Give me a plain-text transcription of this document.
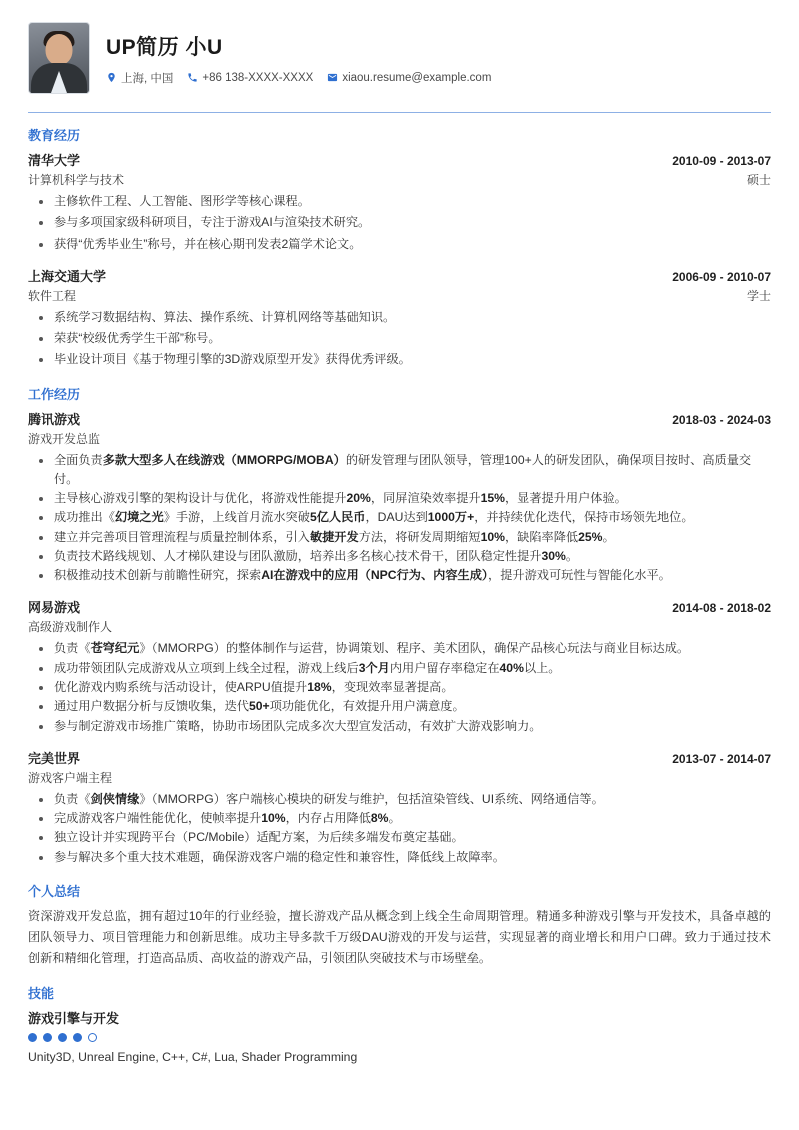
UP简历 小U
上海, 中国	+86 138-XXXX-XXXX	xiaou.resume@example.com
教育经历
清华大学	2010-09 - 2013-07
计算机科学与技术	硕士
主修软件工程、人工智能、图形学等核心课程。
参与多项国家级科研项目，专注于游戏AI与渲染技术研究。
获得“优秀毕业生”称号，并在核心期刊发表2篇学术论文。
上海交通大学	2006-09 - 2010-07
软件工程	学士
系统学习数据结构、算法、操作系统、计算机网络等基础知识。
荣获“校级优秀学生干部”称号。
毕业设计项目《基于物理引擎的3D游戏原型开发》获得优秀评级。
工作经历
腾讯游戏	2018-03 - 2024-03
游戏开发总监
全面负责多款大型多人在线游戏（MMORPG/MOBA）的研发管理与团队领导，管理100+人的研发团队，确保项目按时、高质量交付。
主导核心游戏引擎的架构设计与优化，将游戏性能提升20%，同屏渲染效率提升15%，显著提升用户体验。
成功推出《幻境之光》手游，上线首月流水突破5亿人民币，DAU达到1000万+，并持续优化迭代，保持市场领先地位。
建立并完善项目管理流程与质量控制体系，引入敏捷开发方法，将研发周期缩短10%，缺陷率降低25%。
负责技术路线规划、人才梯队建设与团队激励，培养出多名核心技术骨干，团队稳定性提升30%。
积极推动技术创新与前瞻性研究，探索AI在游戏中的应用（NPC行为、内容生成），提升游戏可玩性与智能化水平。
网易游戏	2014-08 - 2018-02
高级游戏制作人
负责《苍穹纪元》（MMORPG）的整体制作与运营，协调策划、程序、美术团队，确保产品核心玩法与商业目标达成。
成功带领团队完成游戏从立项到上线全过程，游戏上线后3个月内用户留存率稳定在40%以上。
优化游戏内购系统与活动设计，使ARPU值提升18%，变现效率显著提高。
通过用户数据分析与反馈收集，迭代50+项功能优化，有效提升用户满意度。
参与制定游戏市场推广策略，协助市场团队完成多次大型宣发活动，有效扩大游戏影响力。
完美世界	2013-07 - 2014-07
游戏客户端主程
负责《剑侠情缘》（MMORPG）客户端核心模块的研发与维护，包括渲染管线、UI系统、网络通信等。
完成游戏客户端性能优化，使帧率提升10%，内存占用降低8%。
独立设计并实现跨平台（PC/Mobile）适配方案，为后续多端发布奠定基础。
参与解决多个重大技术难题，确保游戏客户端的稳定性和兼容性，降低线上故障率。
个人总结
资深游戏开发总监，拥有超过10年的行业经验，擅长游戏产品从概念到上线全生命周期管理。精通多种游戏引擎与开发技术，具备卓越的团队领导力、项目管理能力和创新思维。成功主导多款千万级DAU游戏的开发与运营，实现显著的商业增长和用户口碑。致力于通过技术创新和精细化管理，打造高品质、高收益的游戏产品，引领团队突破技术与市场壁垒。
技能
游戏引擎与开发
Unity3D, Unreal Engine, C++, C#, Lua, Shader Programming
